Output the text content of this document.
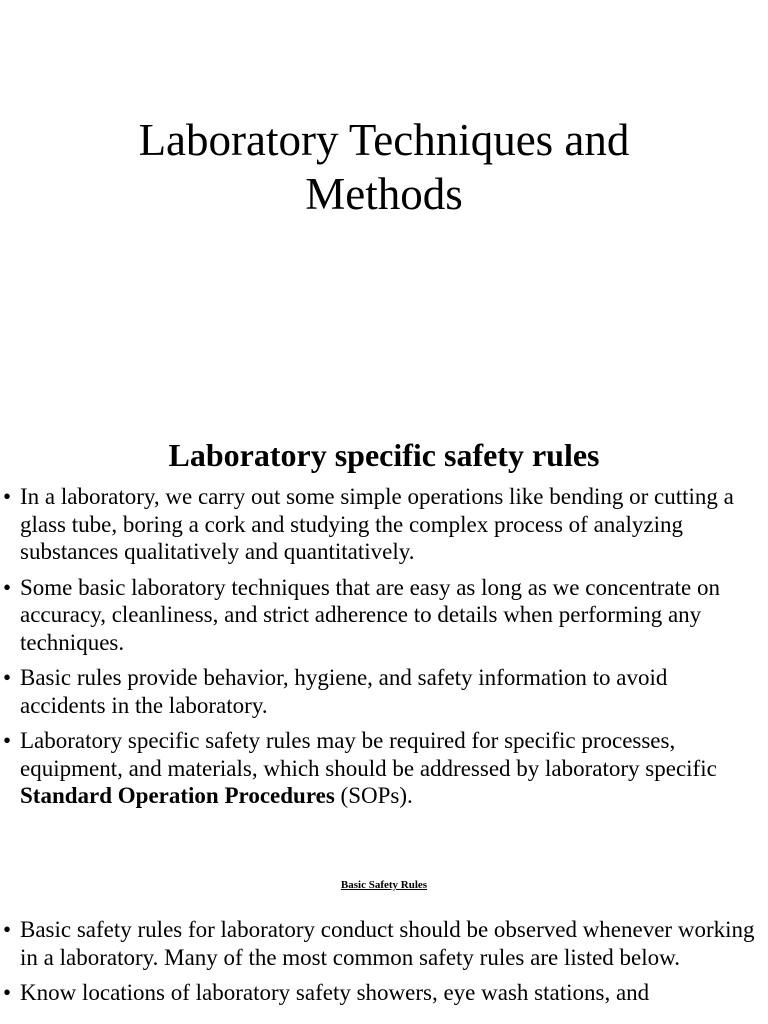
Laboratory Techniques and
Methods
Laboratory specific safety rules
• In a laboratory, we carry out some simple operations like bending or cutting a glass tube, boring a cork and studying the complex process of analyzing substances qualitatively and quantitatively.
• Some basic laboratory techniques that are easy as long as we concentrate on accuracy, cleanliness, and strict adherence to details when performing any techniques.
• Basic rules provide behavior, hygiene, and safety information to avoid accidents in the laboratory.
• Laboratory specific safety rules may be required for specific processes, equipment, and materials, which should be addressed by laboratory specific Standard Operation Procedures (SOPs).
Basic Safety Rules
• Basic safety rules for laboratory conduct should be observed whenever working in a laboratory. Many of the most common safety rules are listed below.
• Know locations of laboratory safety showers, eye wash stations, and
